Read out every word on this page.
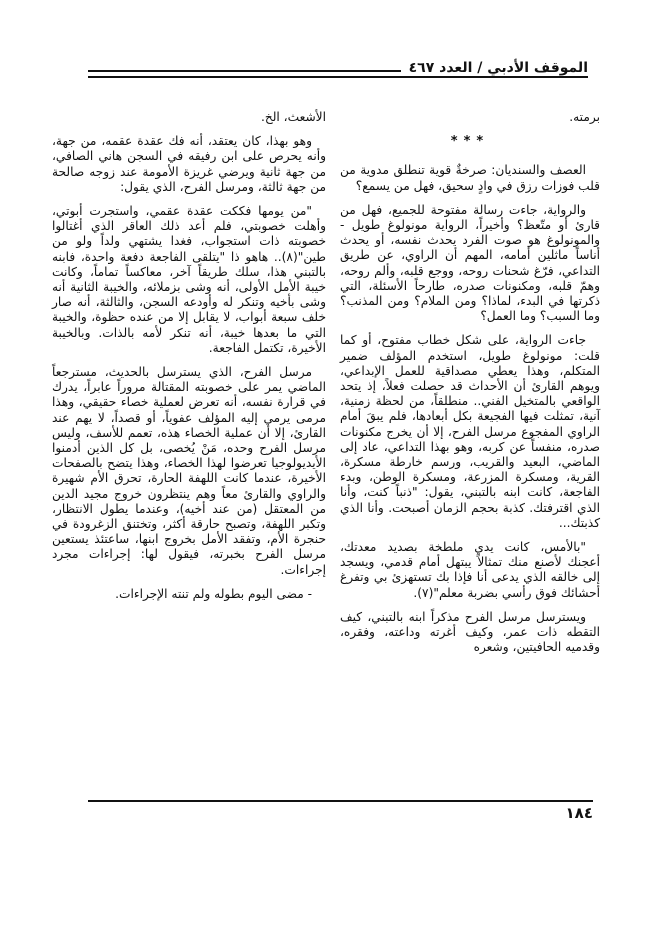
الموقف الأدبي / العدد ٤٦٧

برمته.

***

العصف والسنديان: صرخةٌ قوية تنطلق مدوية من قلب فوزات رزق في وادٍ سحيق، فهل من يسمع؟

والرواية، جاءت رسالة مفتوحة للجميع، فهل من قارئ أو متّعظ؟ وأخيراً، الرواية مونولوغ طويل - والمونولوغ هو صوت الفرد يحدث نفسه، أو يحدث أناساً ماثلين أمامه، المهم أن الراوي، عن طريق التداعي، فرّغ شحنات روحه، ووجع قلبه، وألم روحه، وهمّ قلبه، ومكنونات صدره، طارحاً الأسئلة، التي ذكرتها في البدء، لماذا؟ ومن الملام؟ ومن المذنب؟ وما السبب؟ وما العمل؟

جاءت الرواية، على شكل خطاب مفتوح، أو كما قلت: مونولوغ طويل، استخدم المؤلف ضمير المتكلم، وهذا يعطي مصداقية للعمل الإبداعي، ويوهم القارئ أن الأحداث قد حصلت فعلاً، إذ يتحد الواقعي بالمتخيل الفني.. منطلقاً، من لحظة زمنية، آنية، تمثلت فيها الفجيعة بكل أبعادها، فلم يبقَ أمام الراوي المفجوع مرسل الفرح، إلا أن يخرج مكنونات صدره، منفساً عن كربه، وهو بهذا التداعي، عاد إلى الماضي، البعيد والقريب، ورسم خارطة مسكرة، القرية، ومسكرة المزرعة، ومسكرة الوطن، وبدء الفاجعة، كانت ابنه بالتبني، يقول: "ذنباً كنت، وأنا الذي اقترفتك. كذبة بحجم الزمان أصبحت. وأنا الذي كذبتك...

"بالأمس، كانت يدي ملطخة بصديد معدتك، أعجنك لأصنع منك تمثالاً يبتهل أمام قدمي، ويسجد إلى خالقه الذي يدعى أنا فإذا بك تستهزئ بي وتفرغ أحشائك فوق رأسي بضربة معلم"(٧).

ويسترسل مرسل الفرح مذكراً ابنه بالتبني، كيف التقطه ذات عمر، وكيف أغرته وداعته، وفقره، وقدميه الحافيتين، وشعره

الأشعث، الخ.

وهو بهذا، كان يعتقد، أنه فك عقدة عقمه، من جهة، وأنه يحرص على ابن رفيقه في السجن هاني الصافي، من جهة ثانية ويرضي غريزة الأمومة عند زوجه صالحة من جهة ثالثة، ومرسل الفرح، الذي يقول:

"من يومها فككت عقدة عقمي، واستجرت أبوتي، وأهلت خصوبتي، فلم أعد ذلك العاقر الذي أغتالوا خصوبته ذات استجواب، فغدا يشتهي ولداً ولو من طين"(٨).. هاهو ذا "يتلقى الفاجعة دفعة واحدة، فابنه بالتبني هذا، سلك طريقاً آخر، معاكساً تماماً، وكانت خيبة الأمل الأولى، أنه وشى بزملائه، والخيبة الثانية أنه وشى بأخيه وتنكر له وأودعه السجن، والثالثة، أنه صار خلف سبعة أبواب، لا يقابل إلا من عنده حظوة، والخيبة التي ما بعدها خيبة، أنه تنكر لأمه بالذات. وبالخيبة الأخيرة، تكتمل الفاجعة.

مرسل الفرح، الذي يسترسل بالحديث، مسترجعاً الماضي يمر على خصوبته المقتالة مروراً عابراً، يدرك في قرارة نفسه، أنه تعرض لعملية خصاء حقيقي، وهذا مرمى يرمي إليه المؤلف عفوياً، أو قصداً، لا يهم عند القارئ، إلا أن عملية الخصاء هذه، تعمم للأسف، وليس مرسل الفرح وحده، مَنْ يُخصى، بل كل الذين أدمنوا الأيديولوجيا تعرضوا لهذا الخصاء، وهذا يتضح بالصفحات الأخيرة، عندما كانت اللهفة الحارة، تحرق الأم شهيرة والراوي والقارئ معاً وهم ينتظرون خروج مجيد الدين من المعتقل (من عند أخيه)، وعندما يطول الانتظار، وتكبر اللهفة، وتصبح حارقة أكثر، وتختنق الزغرودة في حنجرة الأم، وتفقد الأمل بخروج ابنها، ساعتئذ يستعين مرسل الفرح بخبرته، فيقول لها: إجراءات مجرد إجراءات.

- مضى اليوم بطوله ولم تنته الإجراءات.

١٨٤
